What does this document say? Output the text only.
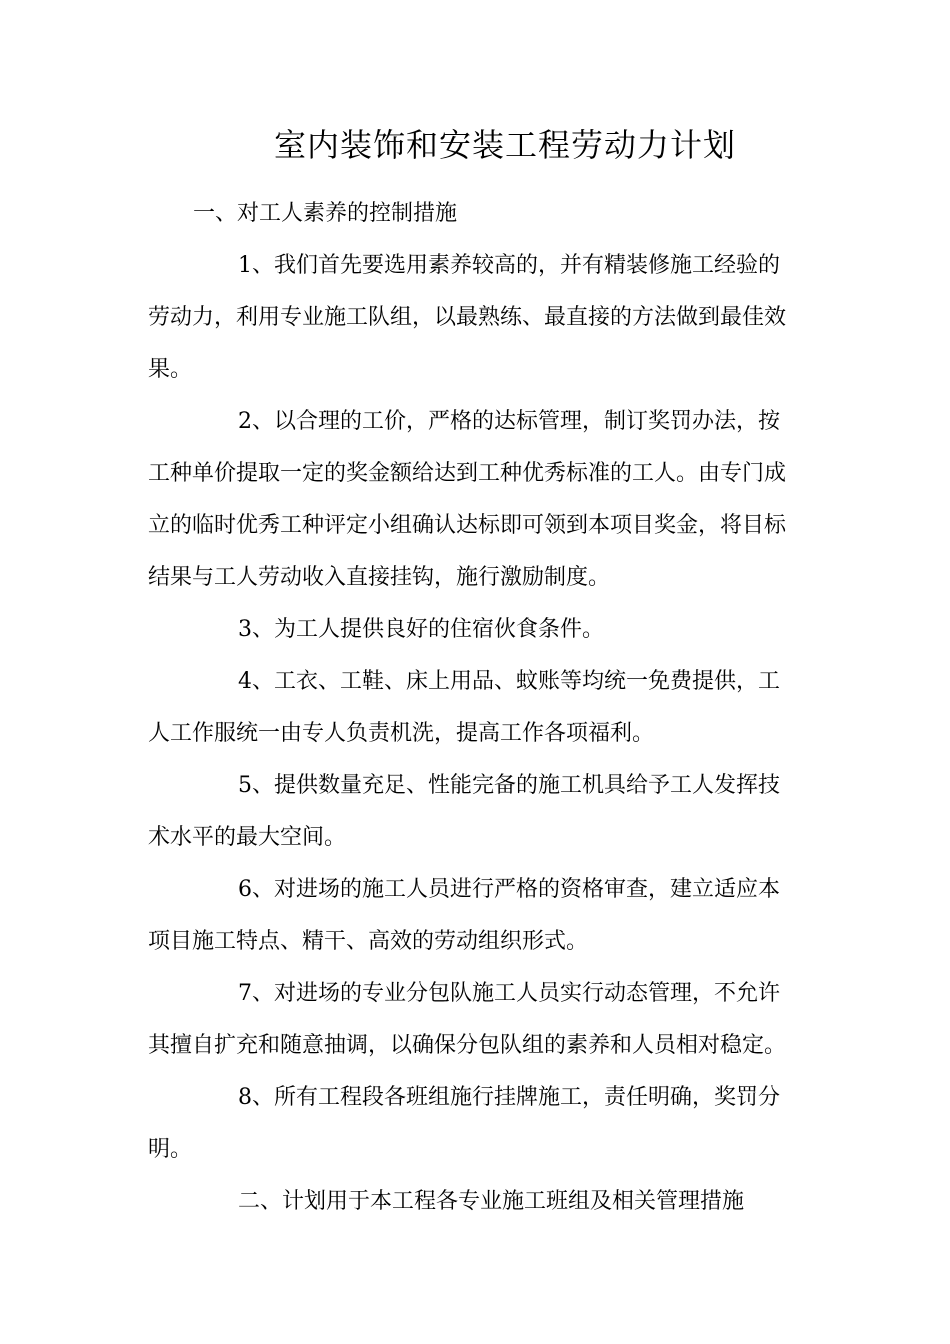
室内装饰和安装工程劳动力计划
一、对工人素养的控制措施
1、我们首先要选用素养较高的，并有精装修施工经验的
劳动力，利用专业施工队组，以最熟练、最直接的方法做到最佳效
果。
2、以合理的工价，严格的达标管理，制订奖罚办法，按
工种单价提取一定的奖金额给达到工种优秀标准的工人。由专门成
立的临时优秀工种评定小组确认达标即可领到本项目奖金，将目标
结果与工人劳动收入直接挂钩，施行激励制度。
3、为工人提供良好的住宿伙食条件。
4、工衣、工鞋、床上用品、蚊账等均统一免费提供，工
人工作服统一由专人负责机洗，提高工作各项福利。
5、提供数量充足、性能完备的施工机具给予工人发挥技
术水平的最大空间。
6、对进场的施工人员进行严格的资格审查，建立适应本
项目施工特点、精干、高效的劳动组织形式。
7、对进场的专业分包队施工人员实行动态管理，不允许
其擅自扩充和随意抽调，以确保分包队组的素养和人员相对稳定。
8、所有工程段各班组施行挂牌施工，责任明确，奖罚分
明。
二、计划用于本工程各专业施工班组及相关管理措施
